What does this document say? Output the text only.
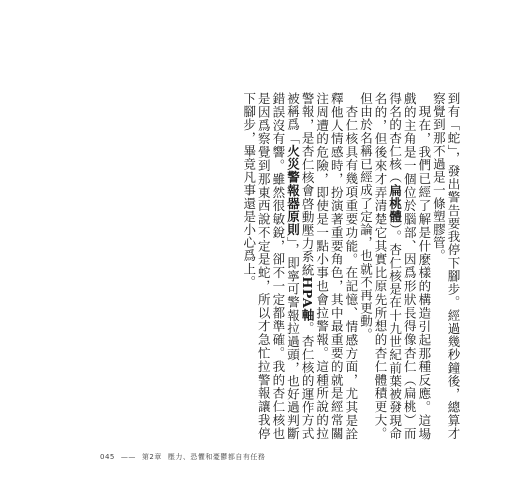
到有「蛇」，發出警告要我停下腳步。經過幾秒鐘後，總算才察覺到那不過是一條塑膠管。

現在，我們已經了解是什麼樣的構造引起那種反應。這場戲的主角是一個位於腦部、因爲形狀長得像杏仁（扁桃）而得名的杏仁核（扁桃體）。杏仁核是在十九世紀前葉被發現命名的，但後來才弄清楚它其實比原先所想的杏仁體積更大。但由於名稱已經成了定論，也就不再更動。

杏仁核具有幾項重要功能。在記憶、情感方面，尤其是詮釋他人情感時，扮演著重要角色，其中最重要的就是經常關注周遭的危險，即使是一點小事也會拉警報。這種所說的拉警報，是杏仁核會啓動壓力系統HPA軸。杏仁核的運作方式被稱爲「火災警報器原則」，即寧可警報拉過頭，也好過判斷錯誤沒有響。雖然很敏銳，卻不一定都準確。我的杏仁核也是因爲察覺到那東西說不定是蛇，所以才急忙拉警報讓我停下腳步，畢竟凡事還是小心爲上。

045 —— 第2章 壓力、恐懼和憂鬱都自有任務
